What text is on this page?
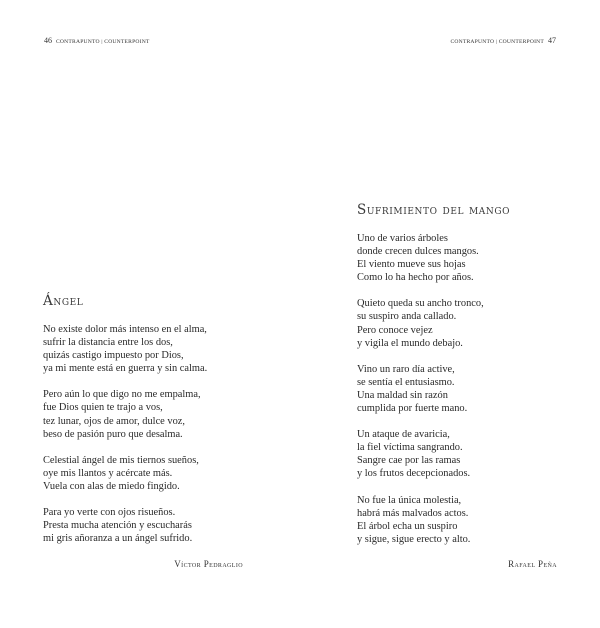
46 CONTRAPUNTO | COUNTERPOINT
Ángel
No existe dolor más intenso en el alma,
sufrir la distancia entre los dos,
quizás castigo impuesto por Dios,
ya mi mente está en guerra y sin calma.
Pero aún lo que digo no me empalma,
fue Dios quien te trajo a vos,
tez lunar, ojos de amor, dulce voz,
beso de pasión puro que desalma.
Celestial ángel de mis tiernos sueños,
oye mis llantos y acércate más.
Vuela con alas de miedo fingido.
Para yo verte con ojos risueños.
Presta mucha atención y escucharás
mi gris añoranza a un ángel sufrido.
Víctor Pedraglio
CONTRAPUNTO | COUNTERPOINT 47
Sufrimiento del mango
Uno de varios árboles
donde crecen dulces mangos.
El viento mueve sus hojas
Como lo ha hecho por años.
Quieto queda su ancho tronco,
su suspiro anda callado.
Pero conoce vejez
y vigila el mundo debajo.
Vino un raro día active,
se sentía el entusiasmo.
Una maldad sin razón
cumplida por fuerte mano.
Un ataque de avaricia,
la fiel víctima sangrando.
Sangre cae por las ramas
y los frutos decepcionados.
No fue la única molestia,
habrá más malvados actos.
El árbol echa un suspiro
y sigue, sigue erecto y alto.
Rafael Peña
